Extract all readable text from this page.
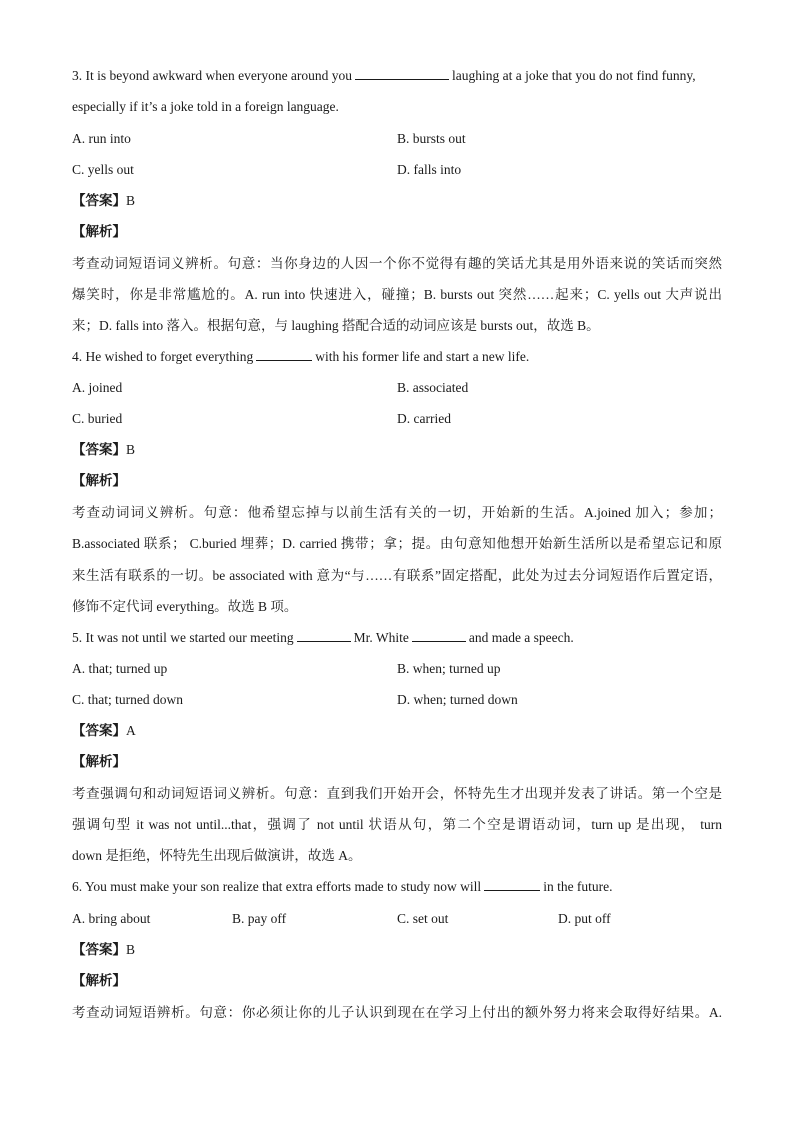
3. It is beyond awkward when everyone around you	laughing at a joke that you do not find funny,
especially if it’s a joke told in a foreign language.
A. run into	B. bursts out
C. yells out	D. falls into
【答案】B
【解析】
考查动词短语词义辨析。句意：当你身边的人因一个你不觉得有趣的笑话尤其是用外语来说的笑话而突然
爆笑时，你是非常尴尬的。A. run into 快速进入，碰撞；B. bursts out 突然……起来；C. yells out 大声说出
来；D. falls into 落入。根据句意，与 laughing 搭配合适的动词应该是 bursts out，故选 B。
4. He wished to forget everything	with his former life and start a new life.
A. joined	B. associated
C. buried	D. carried
【答案】B
【解析】
考查动词词义辨析。句意：他希望忘掉与以前生活有关的一切，开始新的生活。A.joined 加入；参加；
B.associated 联系； C.buried 埋葬；D. carried 携带；拿；提。由句意知他想开始新生活所以是希望忘记和原
来生活有联系的一切。be associated with 意为“与……有联系”固定搭配，此处为过去分词短语作后置定语，
修饰不定代词 everything。故选 B 项。
5. It was not until we started our meeting	Mr. White	and made a speech.
A. that; turned up	B. when; turned up
C. that; turned down	D. when; turned down
【答案】A
【解析】
考查强调句和动词短语词义辨析。句意：直到我们开始开会，怀特先生才出现并发表了讲话。第一个空是
强调句型 it was not until...that，强调了 not until 状语从句，第二个空是谓语动词，turn up 是出现， turn
down 是拒绝，怀特先生出现后做演讲，故选 A。
6. You must make your son realize that extra efforts made to study now will	in the future.
A. bring about	B. pay off	C. set out	D. put off
【答案】B
【解析】
考查动词短语辨析。句意：你必须让你的儿子认识到现在在学习上付出的额外努力将来会取得好结果。A.
